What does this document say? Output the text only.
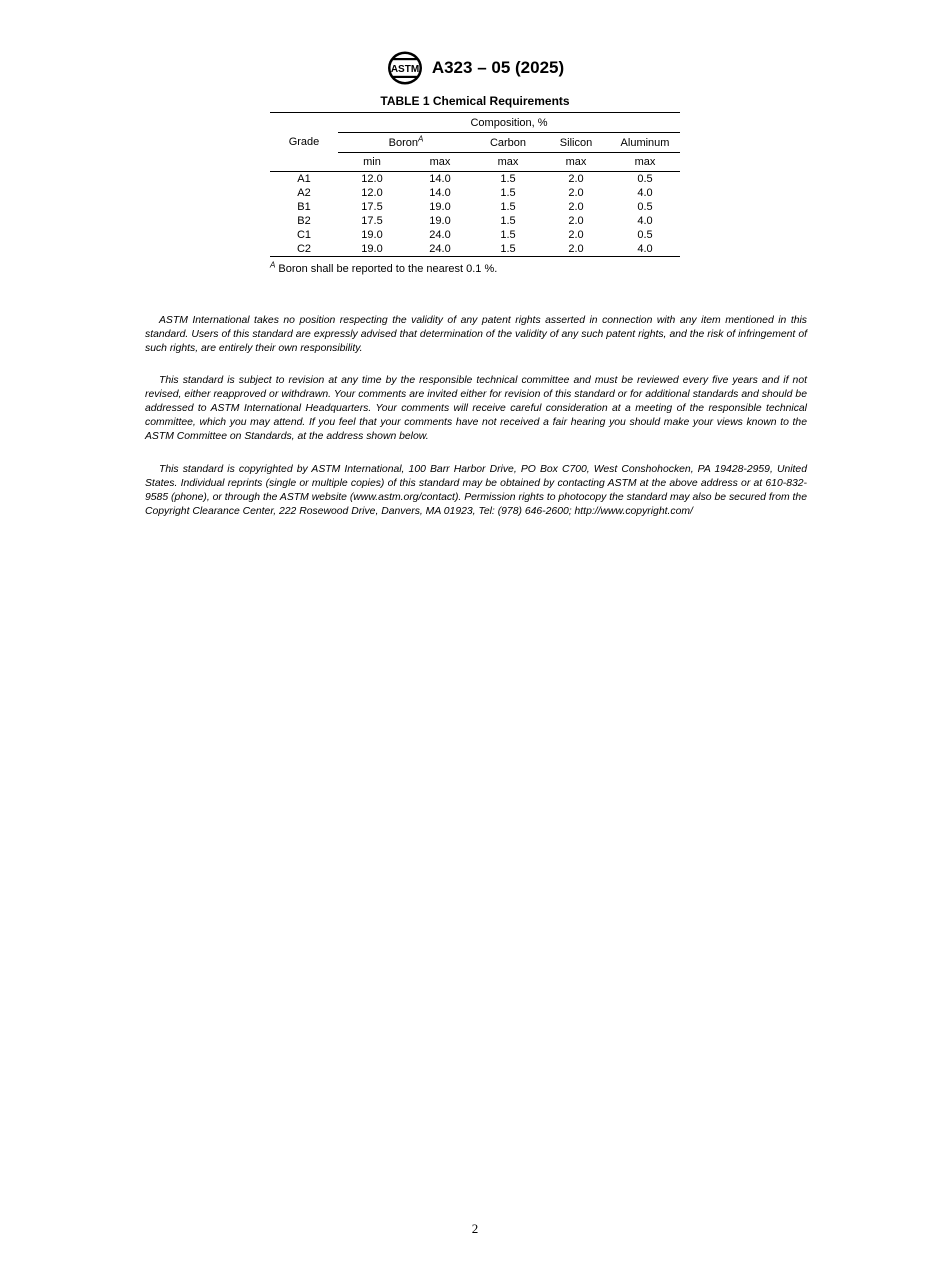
ASTM A323 – 05 (2025)
TABLE 1 Chemical Requirements
Grade	Composition, %				
	Boron$^A$		Carbon	Silicon	Aluminum
	min	max	max	max	max
A1	12.0	14.0	1.5	2.0	0.5
A2	12.0	14.0	1.5	2.0	4.0
B1	17.5	19.0	1.5	2.0	0.5
B2	17.5	19.0	1.5	2.0	4.0
C1	19.0	24.0	1.5	2.0	0.5
C2	19.0	24.0	1.5	2.0	4.0
$^A$ Boron shall be reported to the nearest 0.1 %.

ASTM International takes no position respecting the validity of any patent rights asserted in connection with any item mentioned in this standard. Users of this standard are expressly advised that determination of the validity of any such patent rights, and the risk of infringement of such rights, are entirely their own responsibility.

This standard is subject to revision at any time by the responsible technical committee and must be reviewed every five years and if not revised, either reapproved or withdrawn. Your comments are invited either for revision of this standard or for additional standards and should be addressed to ASTM International Headquarters. Your comments will receive careful consideration at a meeting of the responsible technical committee, which you may attend. If you feel that your comments have not received a fair hearing you should make your views known to the ASTM Committee on Standards, at the address shown below.

This standard is copyrighted by ASTM International, 100 Barr Harbor Drive, PO Box C700, West Conshohocken, PA 19428-2959, United States. Individual reprints (single or multiple copies) of this standard may be obtained by contacting ASTM at the above address or at 610-832-9585 (phone), or through the ASTM website (www.astm.org/contact). Permission rights to photocopy the standard may also be secured from the Copyright Clearance Center, 222 Rosewood Drive, Danvers, MA 01923, Tel: (978) 646-2600; http://www.copyright.com/

2
